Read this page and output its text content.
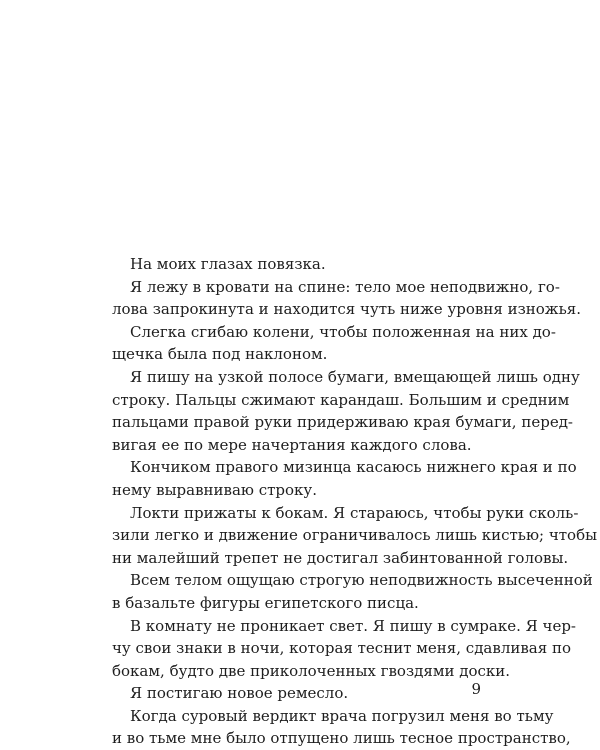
На моих глазах повязка.
Я лежу в кровати на спине: тело мое неподвижно, го-
лова запрокинута и находится чуть ниже уровня изножья.
Слегка сгибаю колени, чтобы положенная на них до-
щечка была под наклоном.
Я пишу на узкой полосе бумаги, вмещающей лишь одну
строку. Пальцы сжимают карандаш. Большим и средним
пальцами правой руки придерживаю края бумаги, перед-
вигая ее по мере начертания каждого слова.
Кончиком правого мизинца касаюсь нижнего края и по
нему выравниваю строку.
Локти прижаты к бокам. Я стараюсь, чтобы руки сколь-
зили легко и движение ограничивалось лишь кистью; чтобы
ни малейший трепет не достигал забинтованной головы.
Всем телом ощущаю строгую неподвижность высеченной
в базальте фигуры египетского писца.
В комнату не проникает свет. Я пишу в сумраке. Я чер-
чу свои знаки в ночи, которая теснит меня, сдавливая по
бокам, будто две приколоченных гвоздями доски.
Я постигаю новое ремесло.
Когда суровый вердикт врача погрузил меня во тьму
и во тьме мне было отпущено лишь тесное пространство,
9
